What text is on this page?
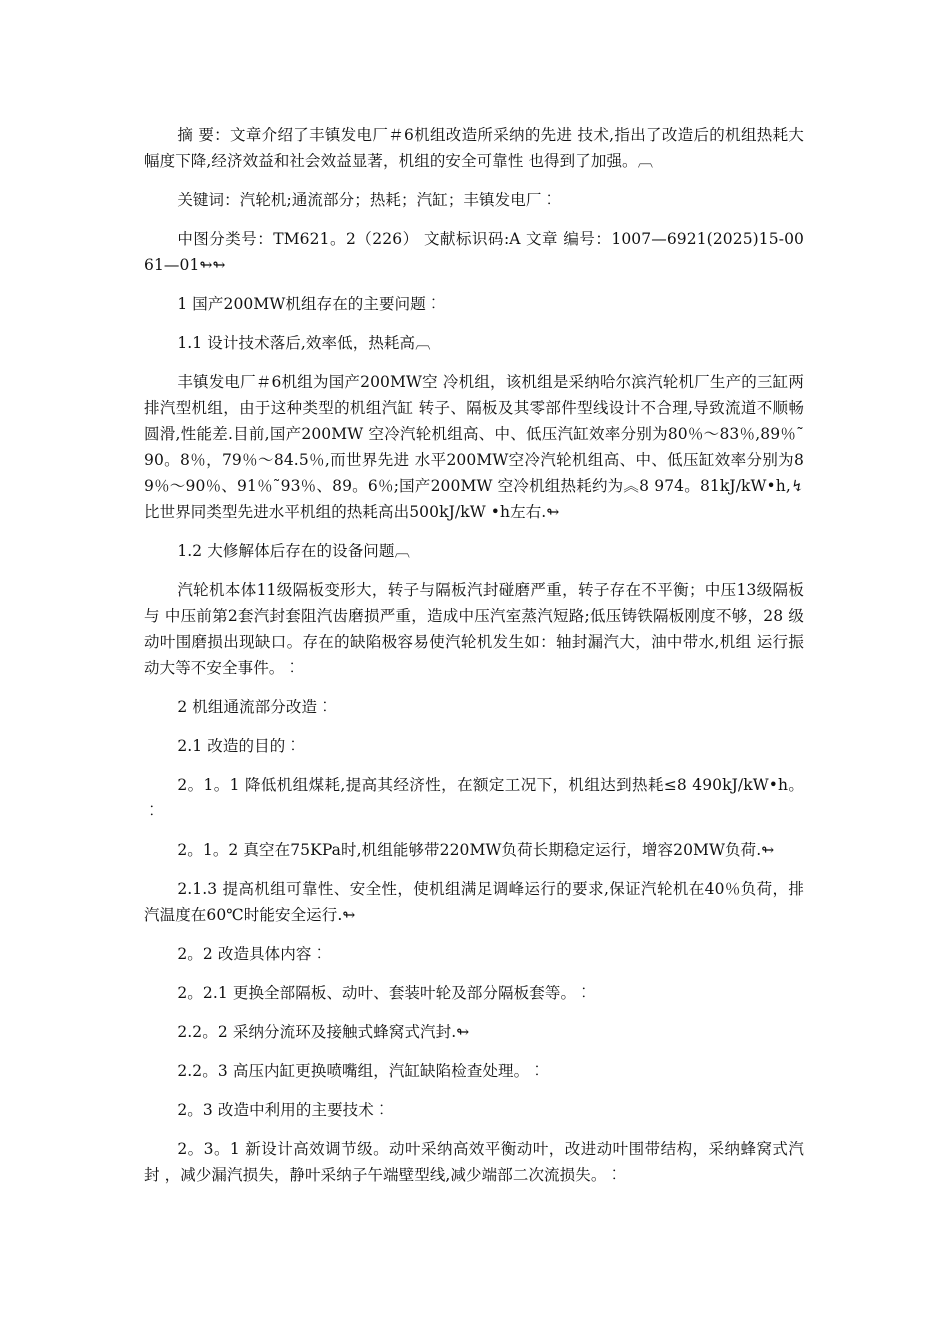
摘 要：文章介绍了丰镇发电厂＃6机组改造所采纳的先进 技术,指出了改造后的机组热耗大幅度下降,经济效益和社会效益显著，机组的安全可靠性 也得到了加强。︹

关键词：汽轮机;通流部分；热耗；汽缸；丰镇发电厂︰

中图分类号：TM621。2（226） 文献标识码:A 文章 编号：1007—6921(2025)15-0061—01↬↬

1 国产200MW机组存在的主要问题︰

1.1 设计技术落后,效率低，热耗高︹

丰镇发电厂＃6机组为国产200MW空 冷机组，该机组是采纳哈尔滨汽轮机厂生产的三缸两排汽型机组，由于这种类型的机组汽缸 转子、隔板及其零部件型线设计不合理,导致流道不顺畅圆滑,性能差.目前,国产200MW 空冷汽轮机组高、中、低压汽缸效率分别为80％～83％,89％˜90。8％，79％～84.5％,而世界先进 水平200MW空冷汽轮机组高、中、低压缸效率分别为89％～90％、91％˜93％、89。6％;国产200MW 空冷机组热耗约为︽8 974。81kJ/kW•h,↯比世界同类型先进水平机组的热耗高出500kJ/kW •h左右.↬

1.2 大修解体后存在的设备问题︹

汽轮机本体11级隔板变形大，转子与隔板汽封碰磨严重，转子存在不平衡；中压13级隔板与 中压前第2套汽封套阻汽齿磨损严重，造成中压汽室蒸汽短路;低压铸铁隔板刚度不够，28 级动叶围磨损出现缺口。存在的缺陷极容易使汽轮机发生如：轴封漏汽大，油中带水,机组 运行振动大等不安全事件。︰

2 机组通流部分改造︰

2.1 改造的目的︰

2。1。1 降低机组煤耗,提高其经济性，在额定工况下，机组达到热耗≤8 490kJ/kW•h。 ︰

2。1。2 真空在75KPa时,机组能够带220MW负荷长期稳定运行，增容20MW负荷.↬

2.1.3 提高机组可靠性、安全性，使机组满足调峰运行的要求,保证汽轮机在40％负荷，排 汽温度在60℃时能安全运行.↬

2。2 改造具体内容︰

2。2.1 更换全部隔板、动叶、套装叶轮及部分隔板套等。︰

2.2。2 采纳分流环及接触式蜂窝式汽封.↬

2.2。3 高压内缸更换喷嘴组，汽缸缺陷检查处理。︰

2。3 改造中利用的主要技术︰

2。3。1 新设计高效调节级。动叶采纳高效平衡动叶，改进动叶围带结构，采纳蜂窝式汽封 ，减少漏汽损失，静叶采纳子午端壁型线,减少端部二次流损失。︰
